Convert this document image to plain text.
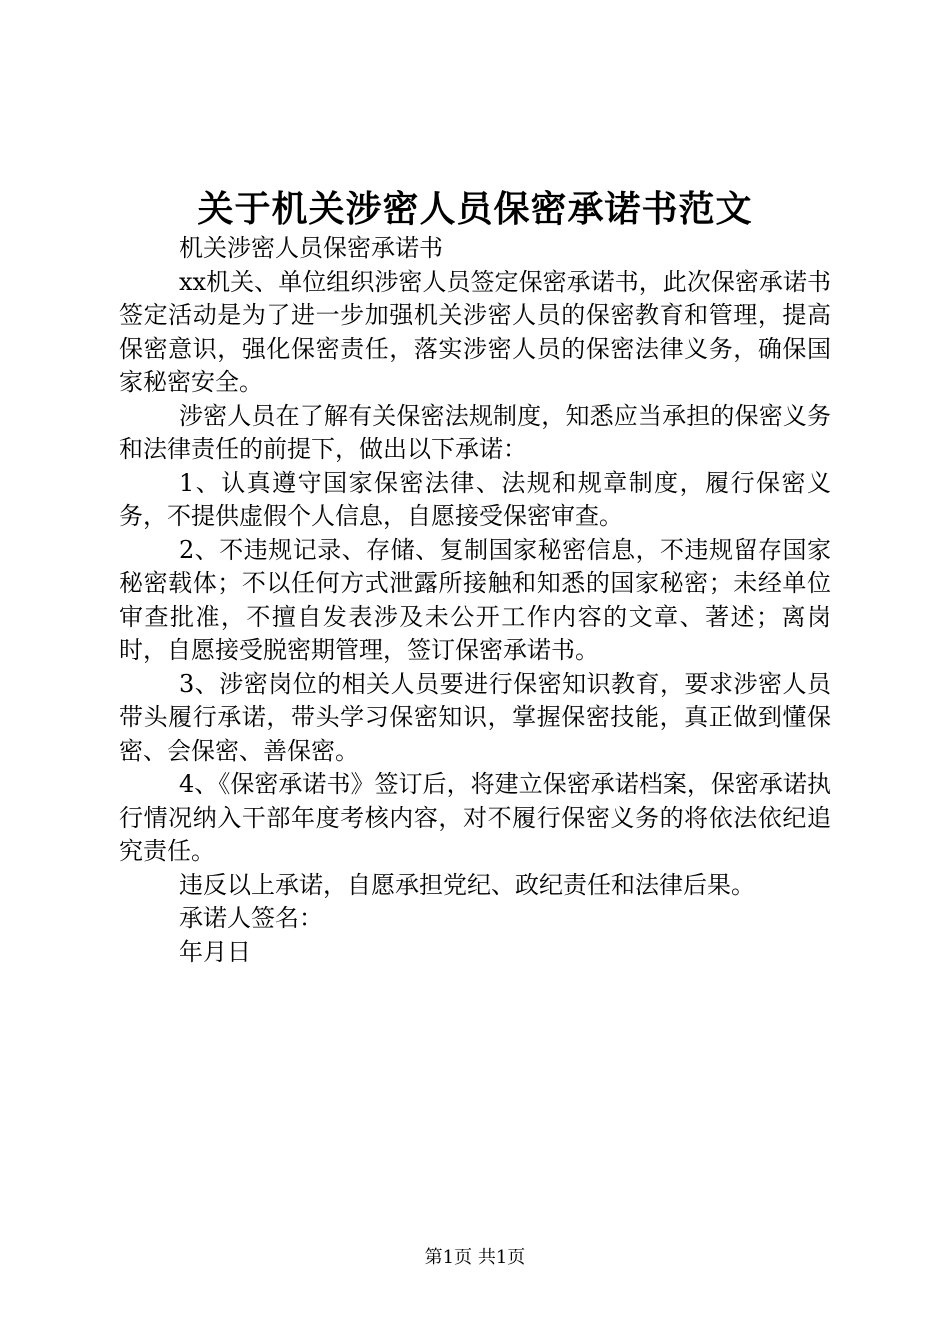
关于机关涉密人员保密承诺书范文

机关涉密人员保密承诺书

xx机关、单位组织涉密人员签定保密承诺书，此次保密承诺书签定活动是为了进一步加强机关涉密人员的保密教育和管理，提高保密意识，强化保密责任，落实涉密人员的保密法律义务，确保国家秘密安全。

涉密人员在了解有关保密法规制度，知悉应当承担的保密义务和法律责任的前提下，做出以下承诺：

1、认真遵守国家保密法律、法规和规章制度，履行保密义务，不提供虚假个人信息，自愿接受保密审查。

2、不违规记录、存储、复制国家秘密信息，不违规留存国家秘密载体；不以任何方式泄露所接触和知悉的国家秘密；未经单位审查批准，不擅自发表涉及未公开工作内容的文章、著述；离岗时，自愿接受脱密期管理，签订保密承诺书。

3、涉密岗位的相关人员要进行保密知识教育，要求涉密人员带头履行承诺，带头学习保密知识，掌握保密技能，真正做到懂保密、会保密、善保密。

4、《保密承诺书》签订后，将建立保密承诺档案，保密承诺执行情况纳入干部年度考核内容，对不履行保密义务的将依法依纪追究责任。

违反以上承诺，自愿承担党纪、政纪责任和法律后果。

承诺人签名：

年月日

第1页 共1页
